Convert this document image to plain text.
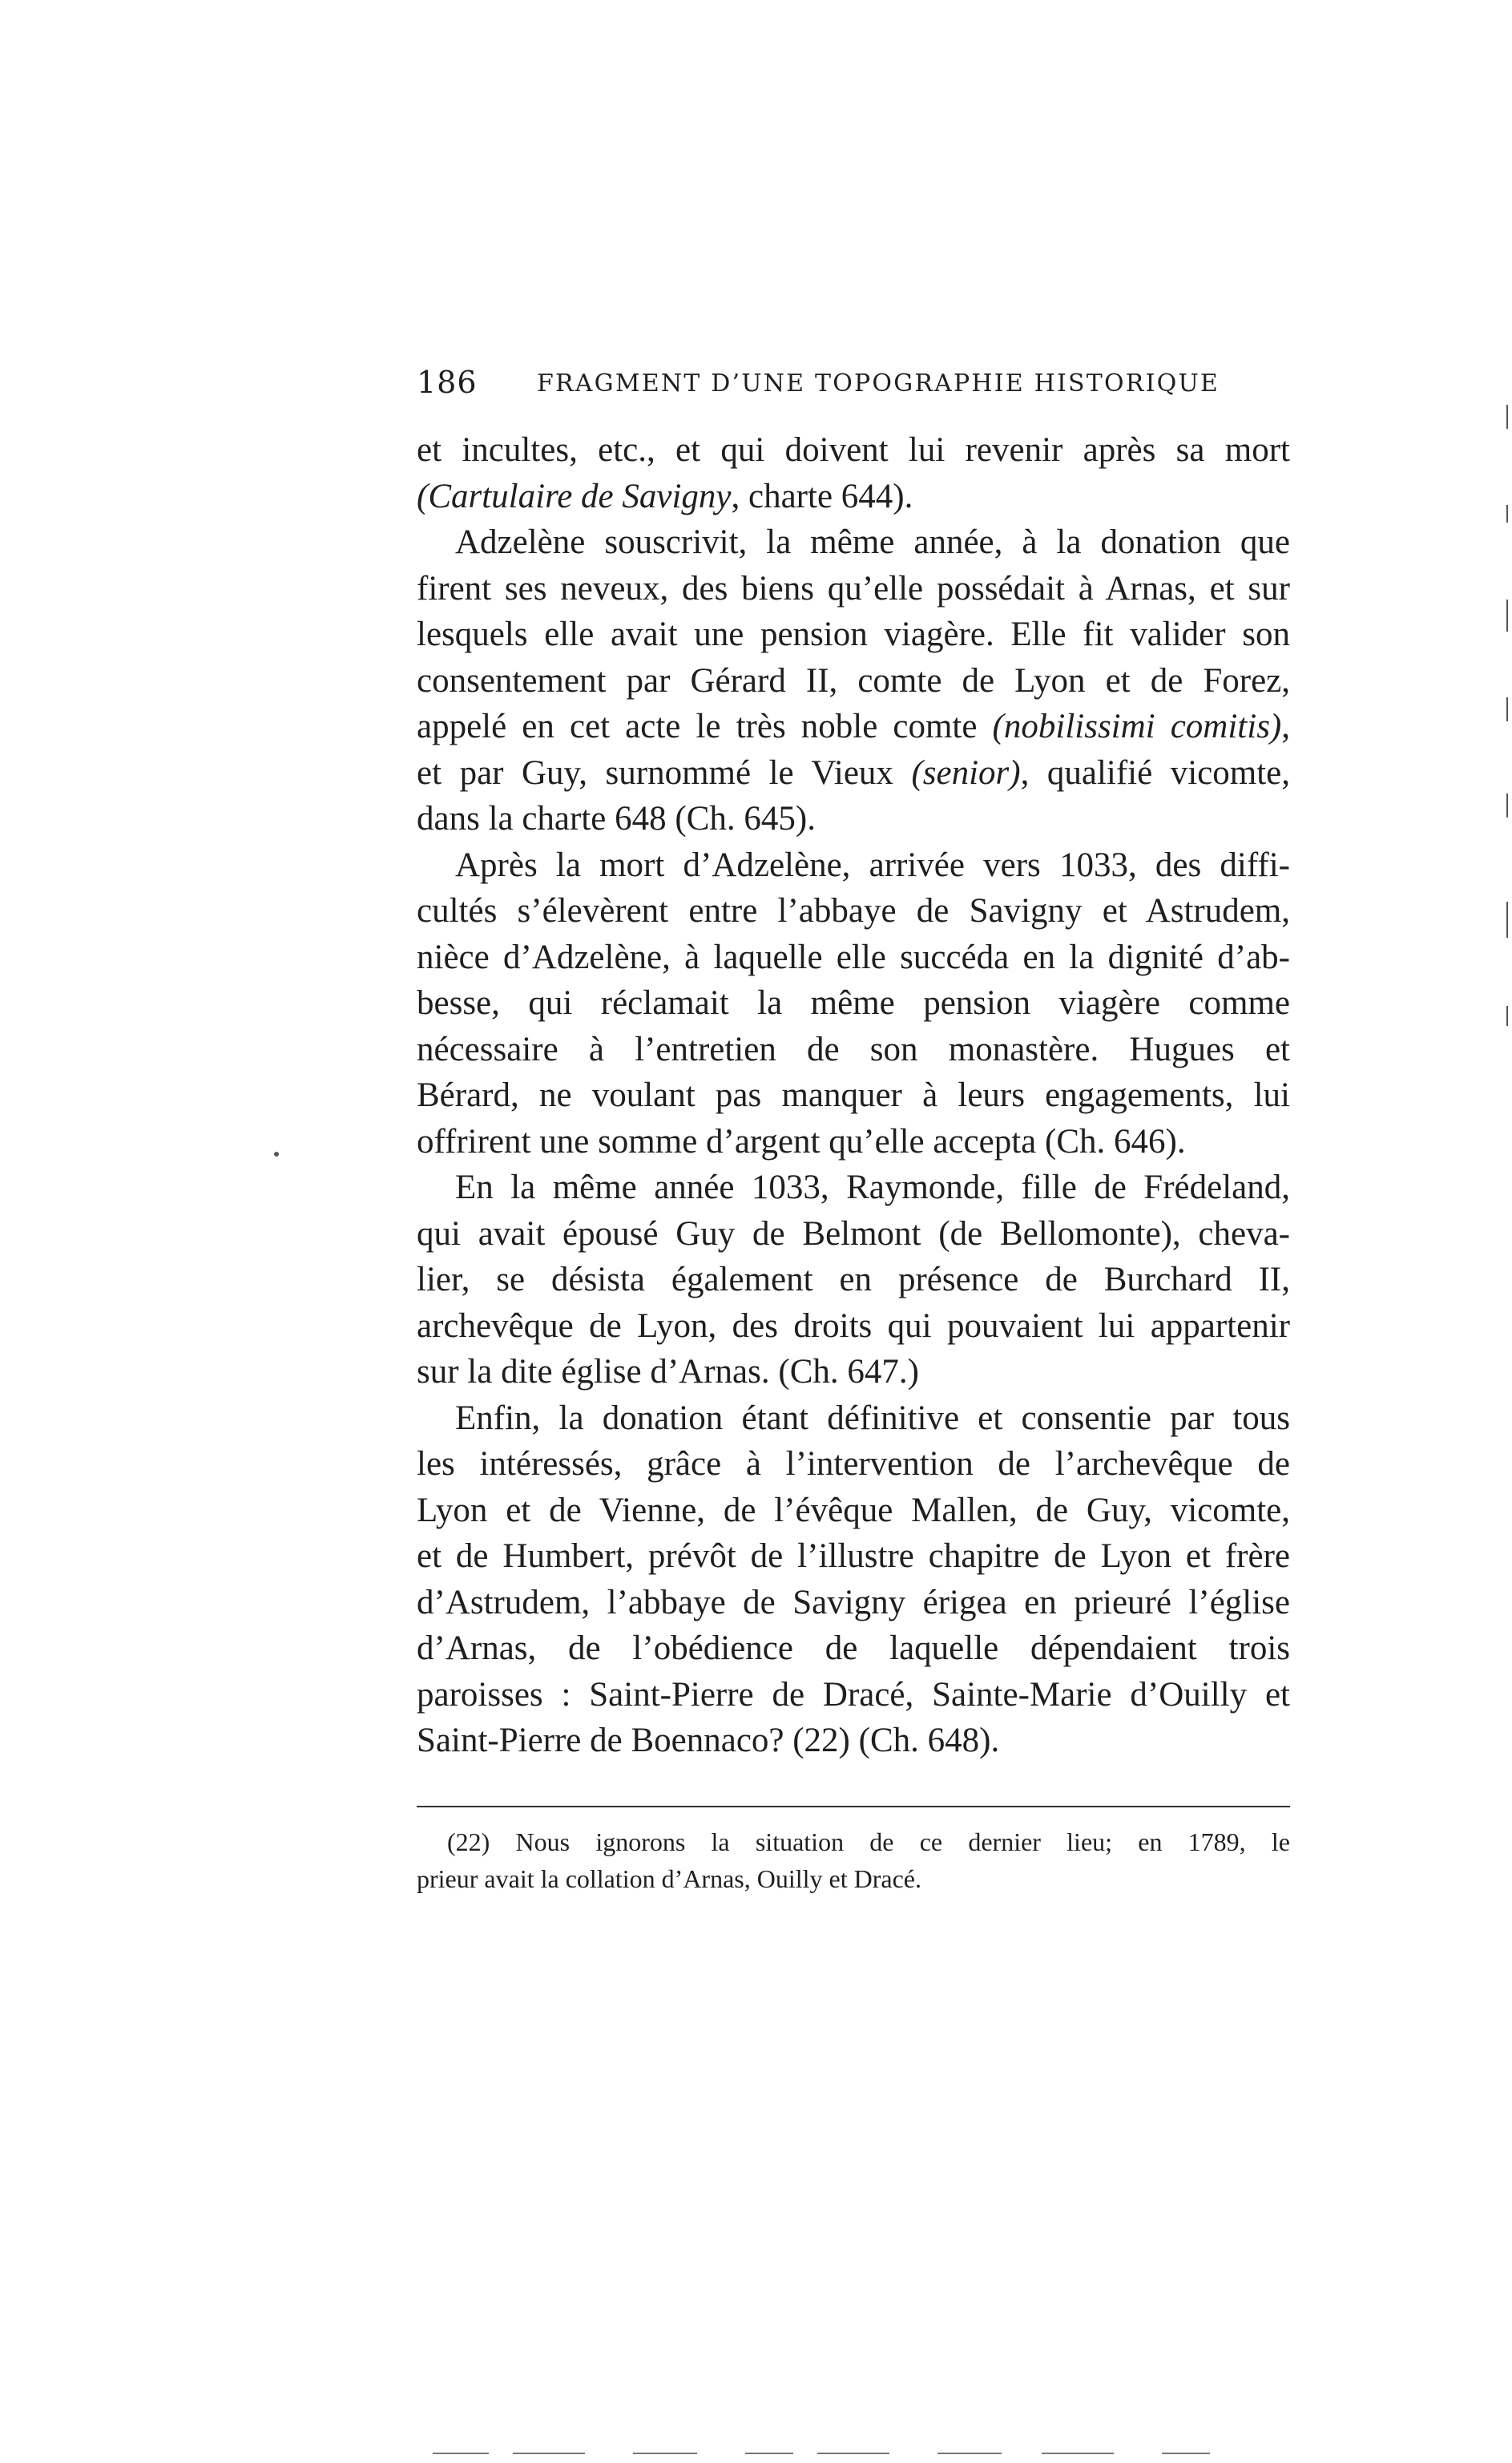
186 FRAGMENT D’UNE TOPOGRAPHIE HISTORIQUE
et incultes, etc., et qui doivent lui revenir après sa mort
(Cartulaire de Savigny, charte 644).
Adzelène souscrivit, la même année, à la donation que
firent ses neveux, des biens qu’elle possédait à Arnas, et sur
lesquels elle avait une pension viagère. Elle fit valider son
consentement par Gérard II, comte de Lyon et de Forez,
appelé en cet acte le très noble comte (nobilissimi comitis),
et par Guy, surnommé le Vieux (senior), qualifié vicomte,
dans la charte 648 (Ch. 645).
Après la mort d’Adzelène, arrivée vers 1033, des diffi-
cultés s’élevèrent entre l’abbaye de Savigny et Astrudem,
nièce d’Adzelène, à laquelle elle succéda en la dignité d’ab-
besse, qui réclamait la même pension viagère comme
nécessaire à l’entretien de son monastère. Hugues et
Bérard, ne voulant pas manquer à leurs engagements, lui
offrirent une somme d’argent qu’elle accepta (Ch. 646).
En la même année 1033, Raymonde, fille de Frédeland,
qui avait épousé Guy de Belmont (de Bellomonte), cheva-
lier, se désista également en présence de Burchard II,
archevêque de Lyon, des droits qui pouvaient lui appartenir
sur la dite église d’Arnas. (Ch. 647.)
Enfin, la donation étant définitive et consentie par tous
les intéressés, grâce à l’intervention de l’archevêque de
Lyon et de Vienne, de l’évêque Mallen, de Guy, vicomte,
et de Humbert, prévôt de l’illustre chapitre de Lyon et frère
d’Astrudem, l’abbaye de Savigny érigea en prieuré l’église
d’Arnas, de l’obédience de laquelle dépendaient trois
paroisses : Saint-Pierre de Dracé, Sainte-Marie d’Ouilly et
Saint-Pierre de Boennaco? (22) (Ch. 648).
(22) Nous ignorons la situation de ce dernier lieu; en 1789, le
prieur avait la collation d’Arnas, Ouilly et Dracé.
